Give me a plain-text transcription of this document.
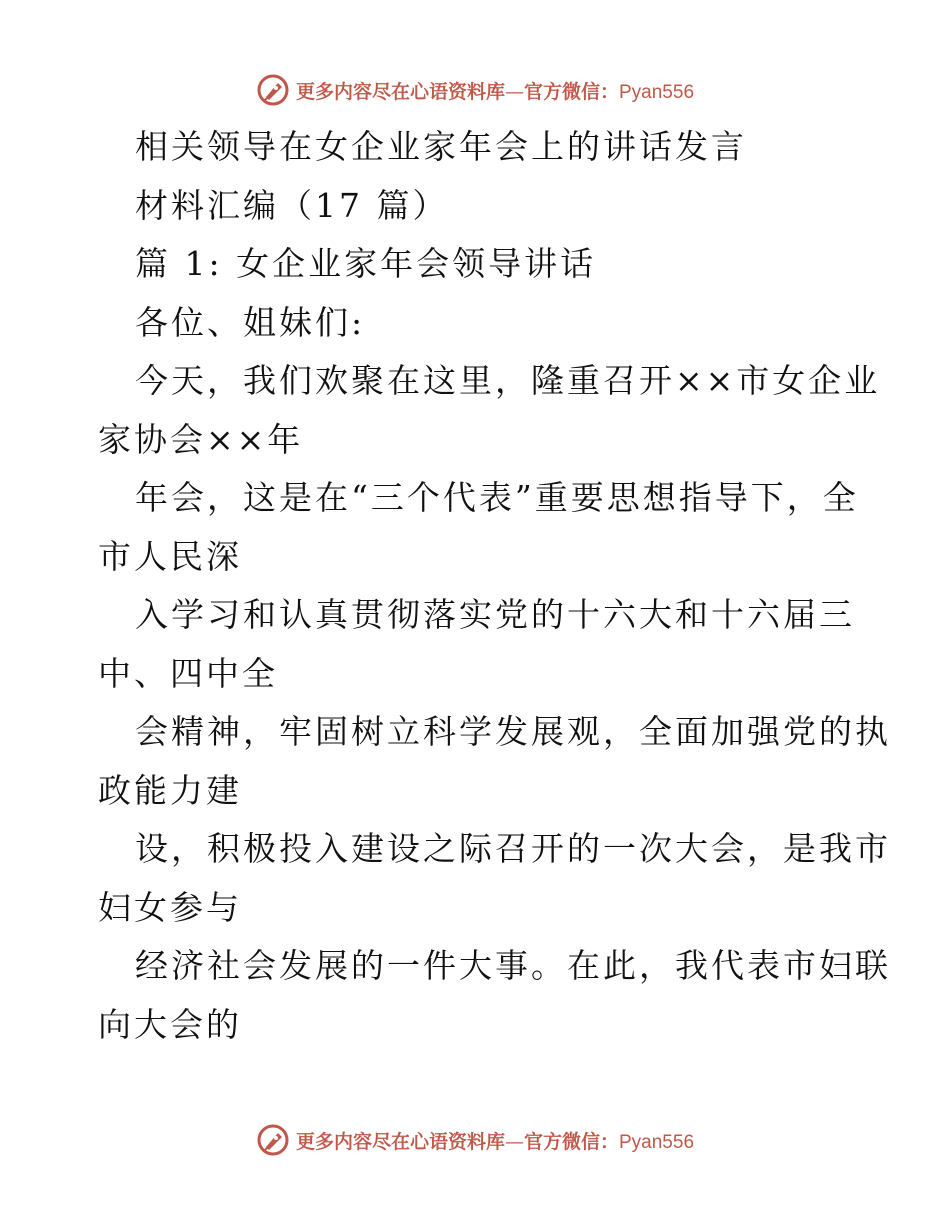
更多内容尽在心语资料库—官方微信：Pyan556
相关领导在女企业家年会上的讲话发言
材料汇编（17 篇）
篇 1: 女企业家年会领导讲话
各位、姐妹们:
今天，我们欢聚在这里，隆重召开××市女企业
家协会××年
年会，这是在“三个代表”重要思想指导下，全
市人民深
入学习和认真贯彻落实党的十六大和十六届三
中、四中全
会精神，牢固树立科学发展观，全面加强党的执
政能力建
设，积极投入建设之际召开的一次大会，是我市
妇女参与
经济社会发展的一件大事。在此，我代表市妇联
向大会的
更多内容尽在心语资料库—官方微信：Pyan556
